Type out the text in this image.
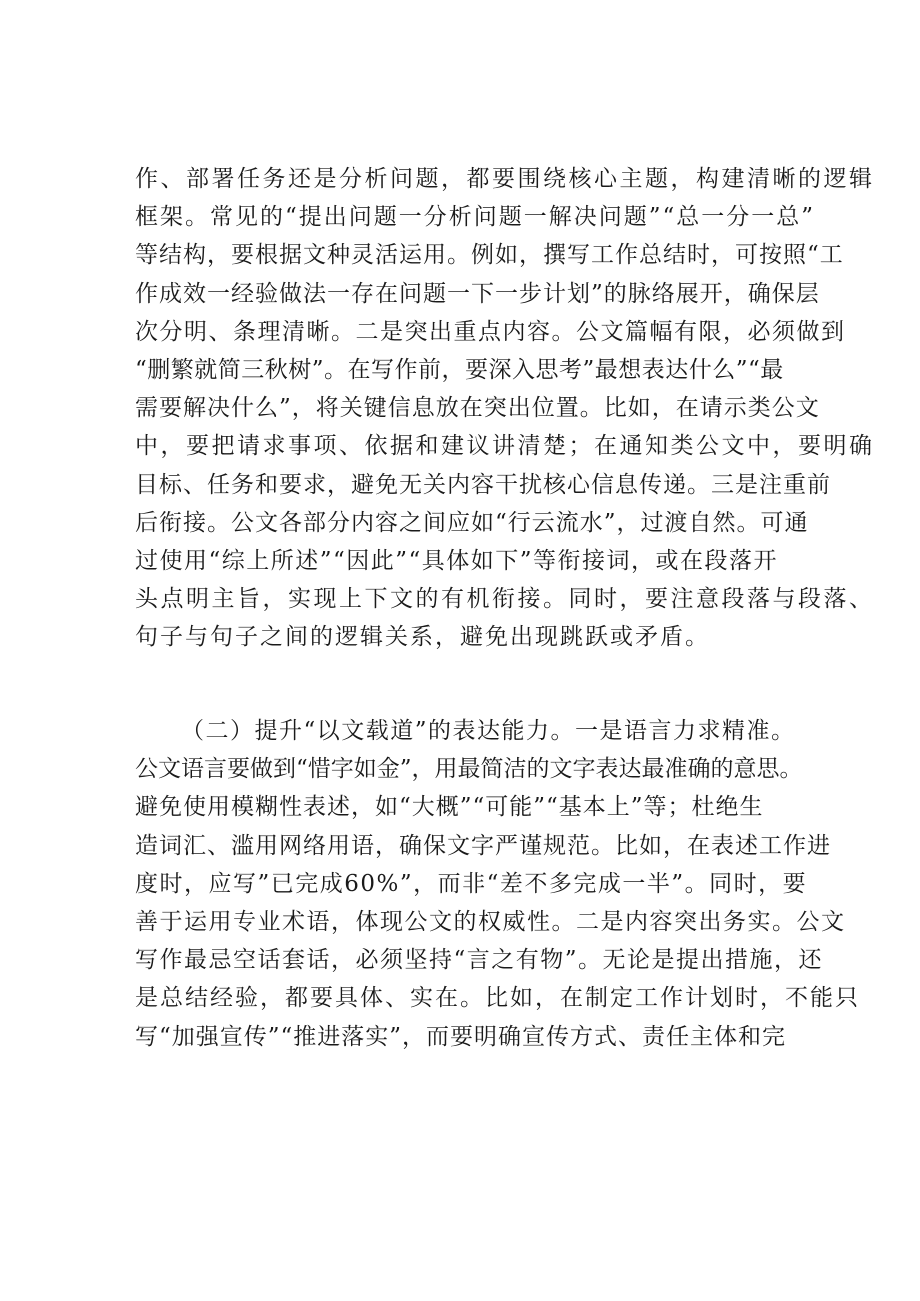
作、部署任务还是分析问题，都要围绕核心主题，构建清晰的逻辑
框架。常见的“提出问题一分析问题一解决问题”“总一分一总”
等结构，要根据文种灵活运用。例如，撰写工作总结时，可按照“工
作成效一经验做法一存在问题一下一步计划”的脉络展开，确保层
次分明、条理清晰。二是突出重点内容。公文篇幅有限，必须做到
“删繁就简三秋树”。在写作前，要深入思考”最想表达什么”“最
需要解决什么”，将关键信息放在突出位置。比如，在请示类公文
中，要把请求事项、依据和建议讲清楚；在通知类公文中，要明确
目标、任务和要求，避免无关内容干扰核心信息传递。三是注重前
后衔接。公文各部分内容之间应如“行云流水”，过渡自然。可通
过使用“综上所述”“因此”“具体如下”等衔接词，或在段落开
头点明主旨，实现上下文的有机衔接。同时，要注意段落与段落、
句子与句子之间的逻辑关系，避免出现跳跃或矛盾。
（二）提升“以文载道”的表达能力。一是语言力求精准。
公文语言要做到“惜字如金”，用最简洁的文字表达最准确的意思。
避免使用模糊性表述，如“大概”“可能”“基本上”等；杜绝生
造词汇、滥用网络用语，确保文字严谨规范。比如，在表述工作进
度时，应写”已完成60%”，而非“差不多完成一半”。同时，要
善于运用专业术语，体现公文的权威性。二是内容突出务实。公文
写作最忌空话套话，必须坚持“言之有物”。无论是提出措施，还
是总结经验，都要具体、实在。比如，在制定工作计划时，不能只
写“加强宣传”“推进落实”，而要明确宣传方式、责任主体和完
